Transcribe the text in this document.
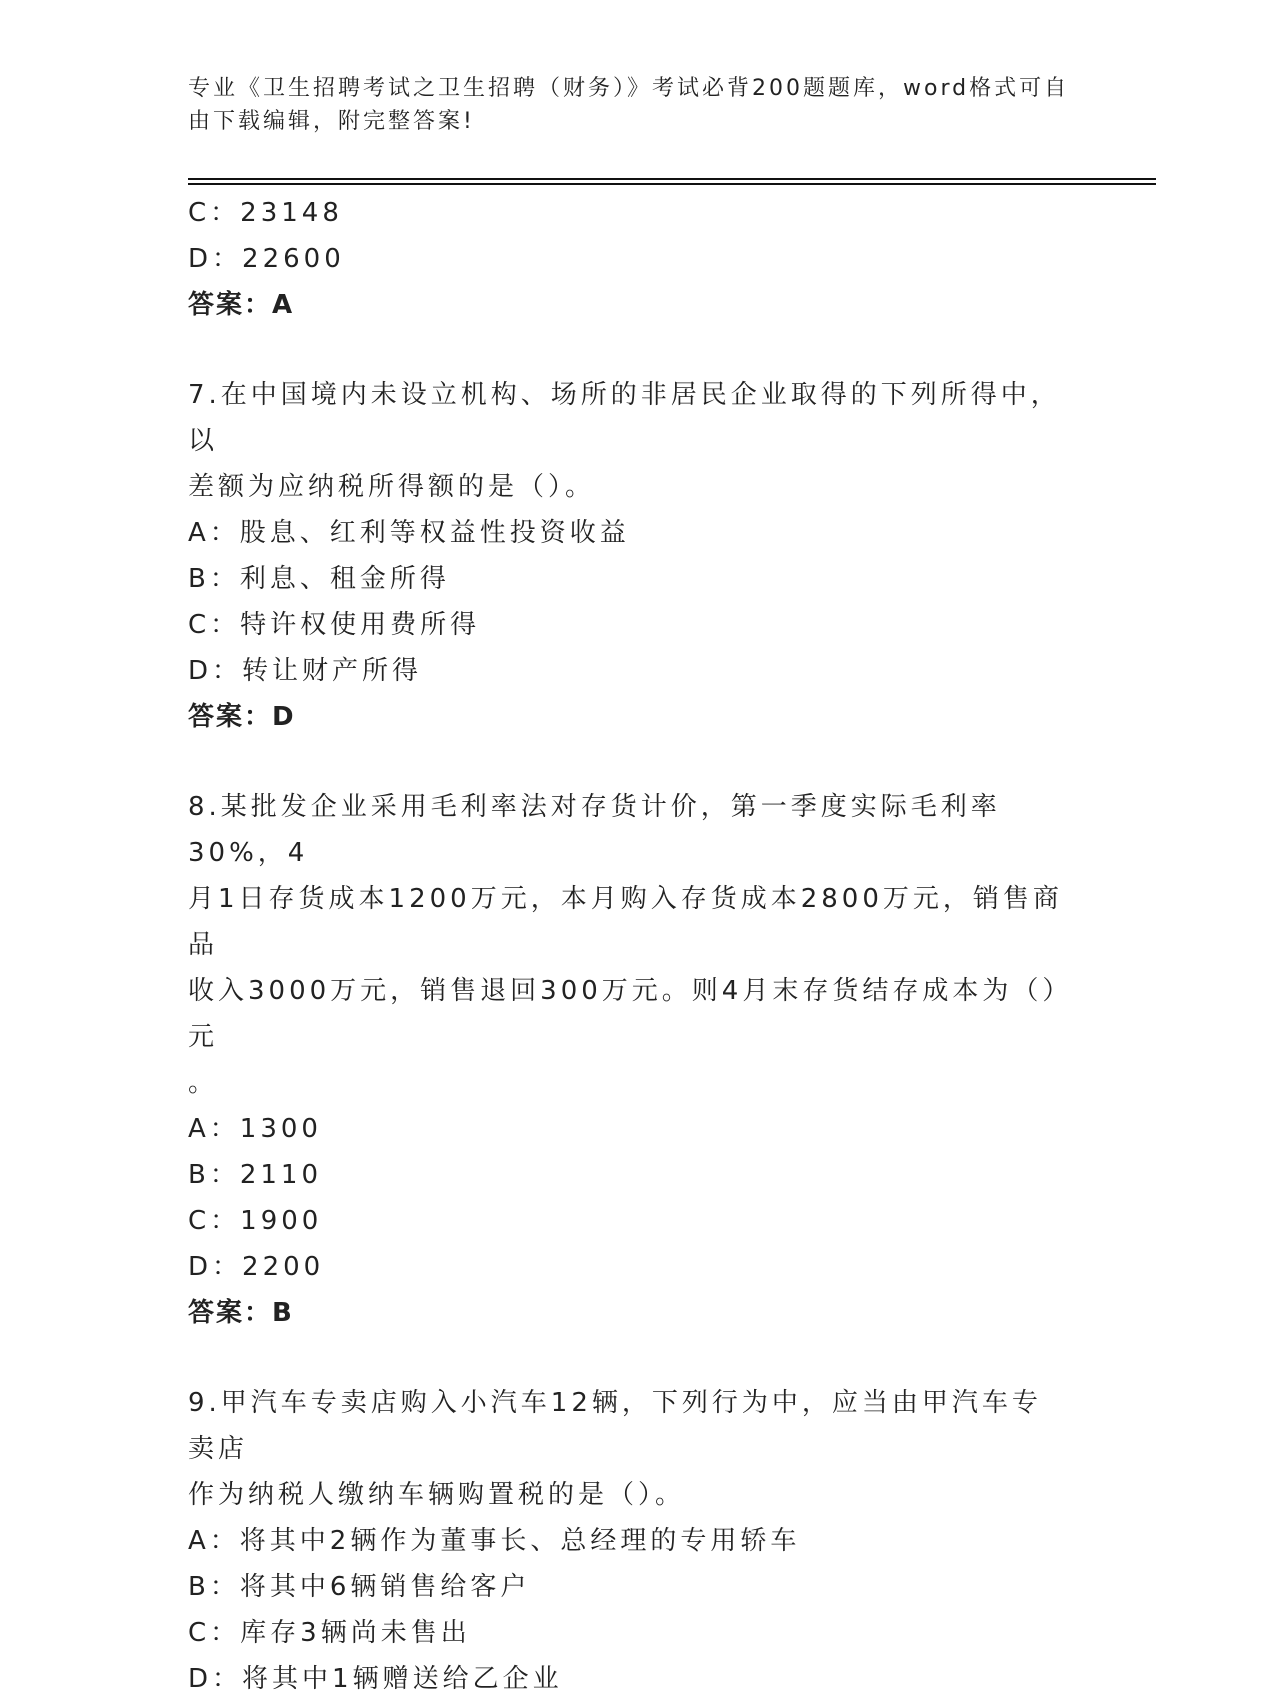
专业《卫生招聘考试之卫生招聘（财务）》考试必背200题题库，word格式可自
由下载编辑，附完整答案!
C：23148
D：22600
答案：A
7.在中国境内未设立机构、场所的非居民企业取得的下列所得中，以
差额为应纳税所得额的是（）。
A：股息、红利等权益性投资收益
B：利息、租金所得
C：特许权使用费所得
D：转让财产所得
答案：D
8.某批发企业采用毛利率法对存货计价，第一季度实际毛利率30%，4
月1日存货成本1200万元，本月购入存货成本2800万元，销售商品
收入3000万元，销售退回300万元。则4月末存货结存成本为（）元
。
A：1300
B：2110
C：1900
D：2200
答案：B
9.甲汽车专卖店购入小汽车12辆，下列行为中，应当由甲汽车专卖店
作为纳税人缴纳车辆购置税的是（）。
A：将其中2辆作为董事长、总经理的专用轿车
B：将其中6辆销售给客户
C：库存3辆尚未售出
D：将其中1辆赠送给乙企业
